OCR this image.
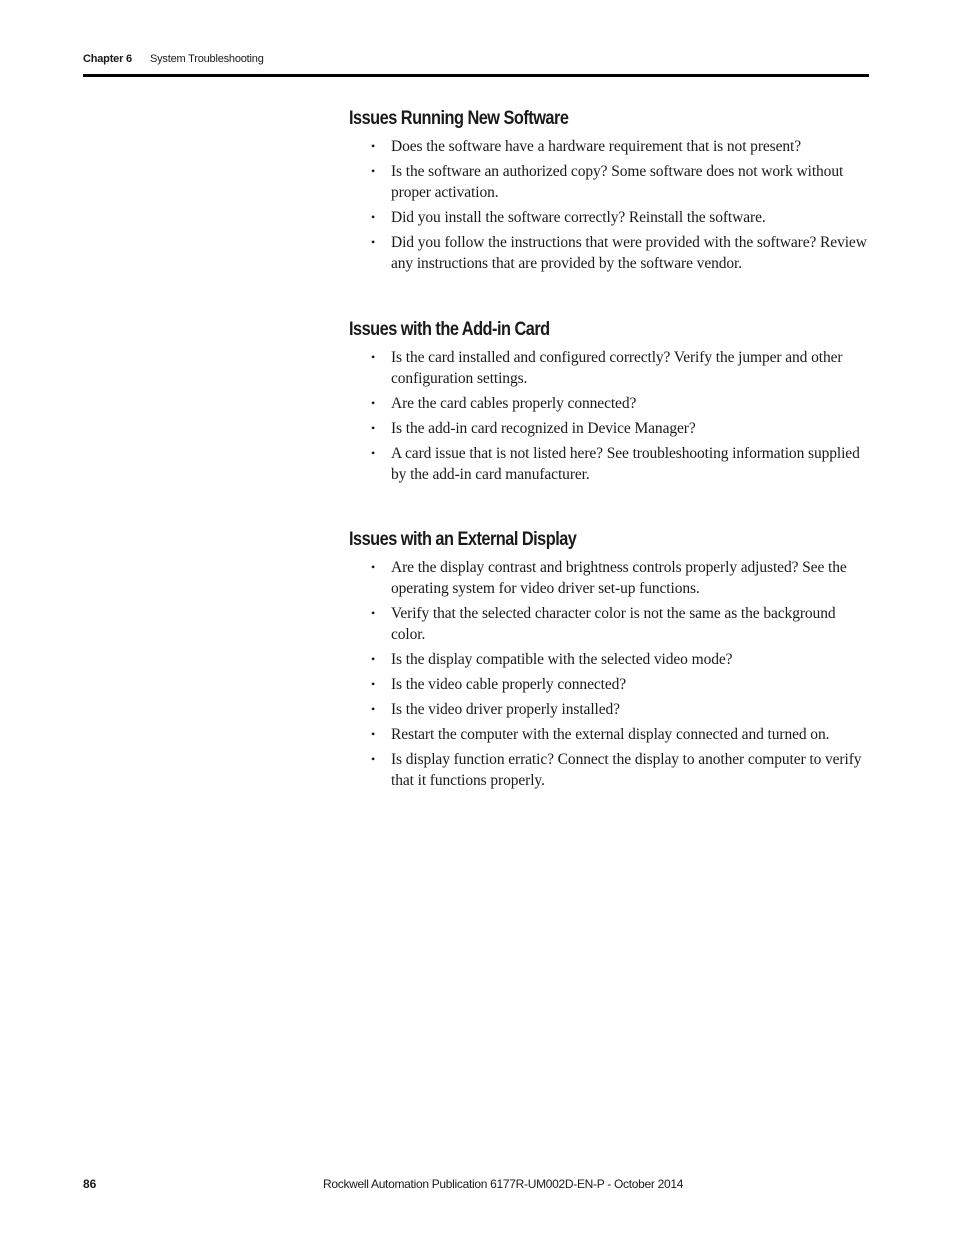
Chapter 6 System Troubleshooting
Issues Running New Software
• Does the software have a hardware requirement that is not present?
• Is the software an authorized copy? Some software does not work without proper activation.
• Did you install the software correctly? Reinstall the software.
• Did you follow the instructions that were provided with the software? Review any instructions that are provided by the software vendor.
Issues with the Add-in Card
• Is the card installed and configured correctly? Verify the jumper and other configuration settings.
• Are the card cables properly connected?
• Is the add-in card recognized in Device Manager?
• A card issue that is not listed here? See troubleshooting information supplied by the add-in card manufacturer.
Issues with an External Display
• Are the display contrast and brightness controls properly adjusted? See the operating system for video driver set-up functions.
• Verify that the selected character color is not the same as the background color.
• Is the display compatible with the selected video mode?
• Is the video cable properly connected?
• Is the video driver properly installed?
• Restart the computer with the external display connected and turned on.
• Is display function erratic? Connect the display to another computer to verify that it functions properly.
86	Rockwell Automation Publication 6177R-UM002D-EN-P - October 2014
